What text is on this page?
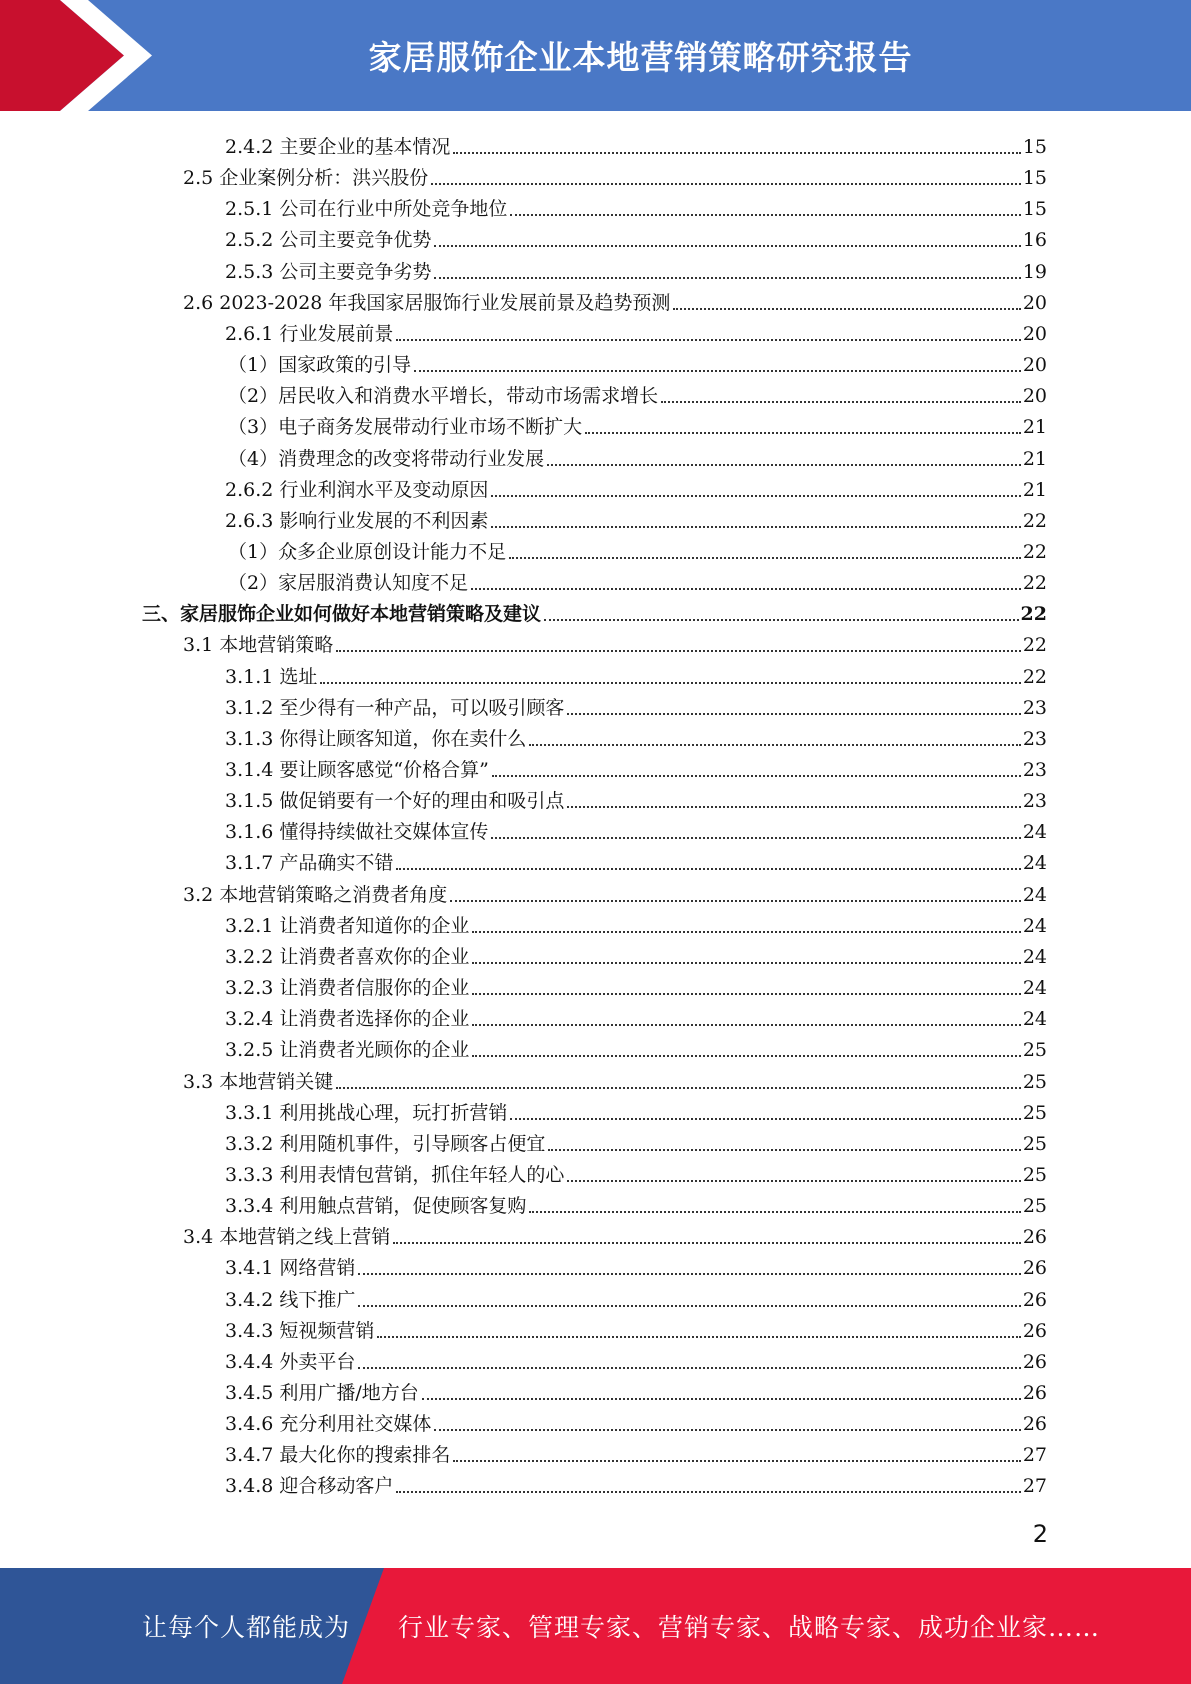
家居服饰企业本地营销策略研究报告
2.4.2 主要企业的基本情况	15
2.5 企业案例分析：洪兴股份	15
2.5.1 公司在行业中所处竞争地位	15
2.5.2 公司主要竞争优势	16
2.5.3 公司主要竞争劣势	19
2.6 2023-2028 年我国家居服饰行业发展前景及趋势预测	20
2.6.1 行业发展前景	20
（1）国家政策的引导	20
（2）居民收入和消费水平增长，带动市场需求增长	20
（3）电子商务发展带动行业市场不断扩大	21
（4）消费理念的改变将带动行业发展	21
2.6.2 行业利润水平及变动原因	21
2.6.3 影响行业发展的不利因素	22
（1）众多企业原创设计能力不足	22
（2）家居服消费认知度不足	22
三、家居服饰企业如何做好本地营销策略及建议	22
3.1 本地营销策略	22
3.1.1 选址	22
3.1.2 至少得有一种产品，可以吸引顾客	23
3.1.3 你得让顾客知道，你在卖什么	23
3.1.4 要让顾客感觉“价格合算”	23
3.1.5 做促销要有一个好的理由和吸引点	23
3.1.6 懂得持续做社交媒体宣传	24
3.1.7 产品确实不错	24
3.2 本地营销策略之消费者角度	24
3.2.1 让消费者知道你的企业	24
3.2.2 让消费者喜欢你的企业	24
3.2.3 让消费者信服你的企业	24
3.2.4 让消费者选择你的企业	24
3.2.5 让消费者光顾你的企业	25
3.3 本地营销关键	25
3.3.1 利用挑战心理，玩打折营销	25
3.3.2 利用随机事件，引导顾客占便宜	25
3.3.3 利用表情包营销，抓住年轻人的心	25
3.3.4 利用触点营销，促使顾客复购	25
3.4 本地营销之线上营销	26
3.4.1 网络营销	26
3.4.2 线下推广	26
3.4.3 短视频营销	26
3.4.4 外卖平台	26
3.4.5 利用广播/地方台	26
3.4.6 充分利用社交媒体	26
3.4.7 最大化你的搜索排名	27
3.4.8 迎合移动客户	27
2
让每个人都能成为 行业专家、管理专家、营销专家、战略专家、成功企业家……
